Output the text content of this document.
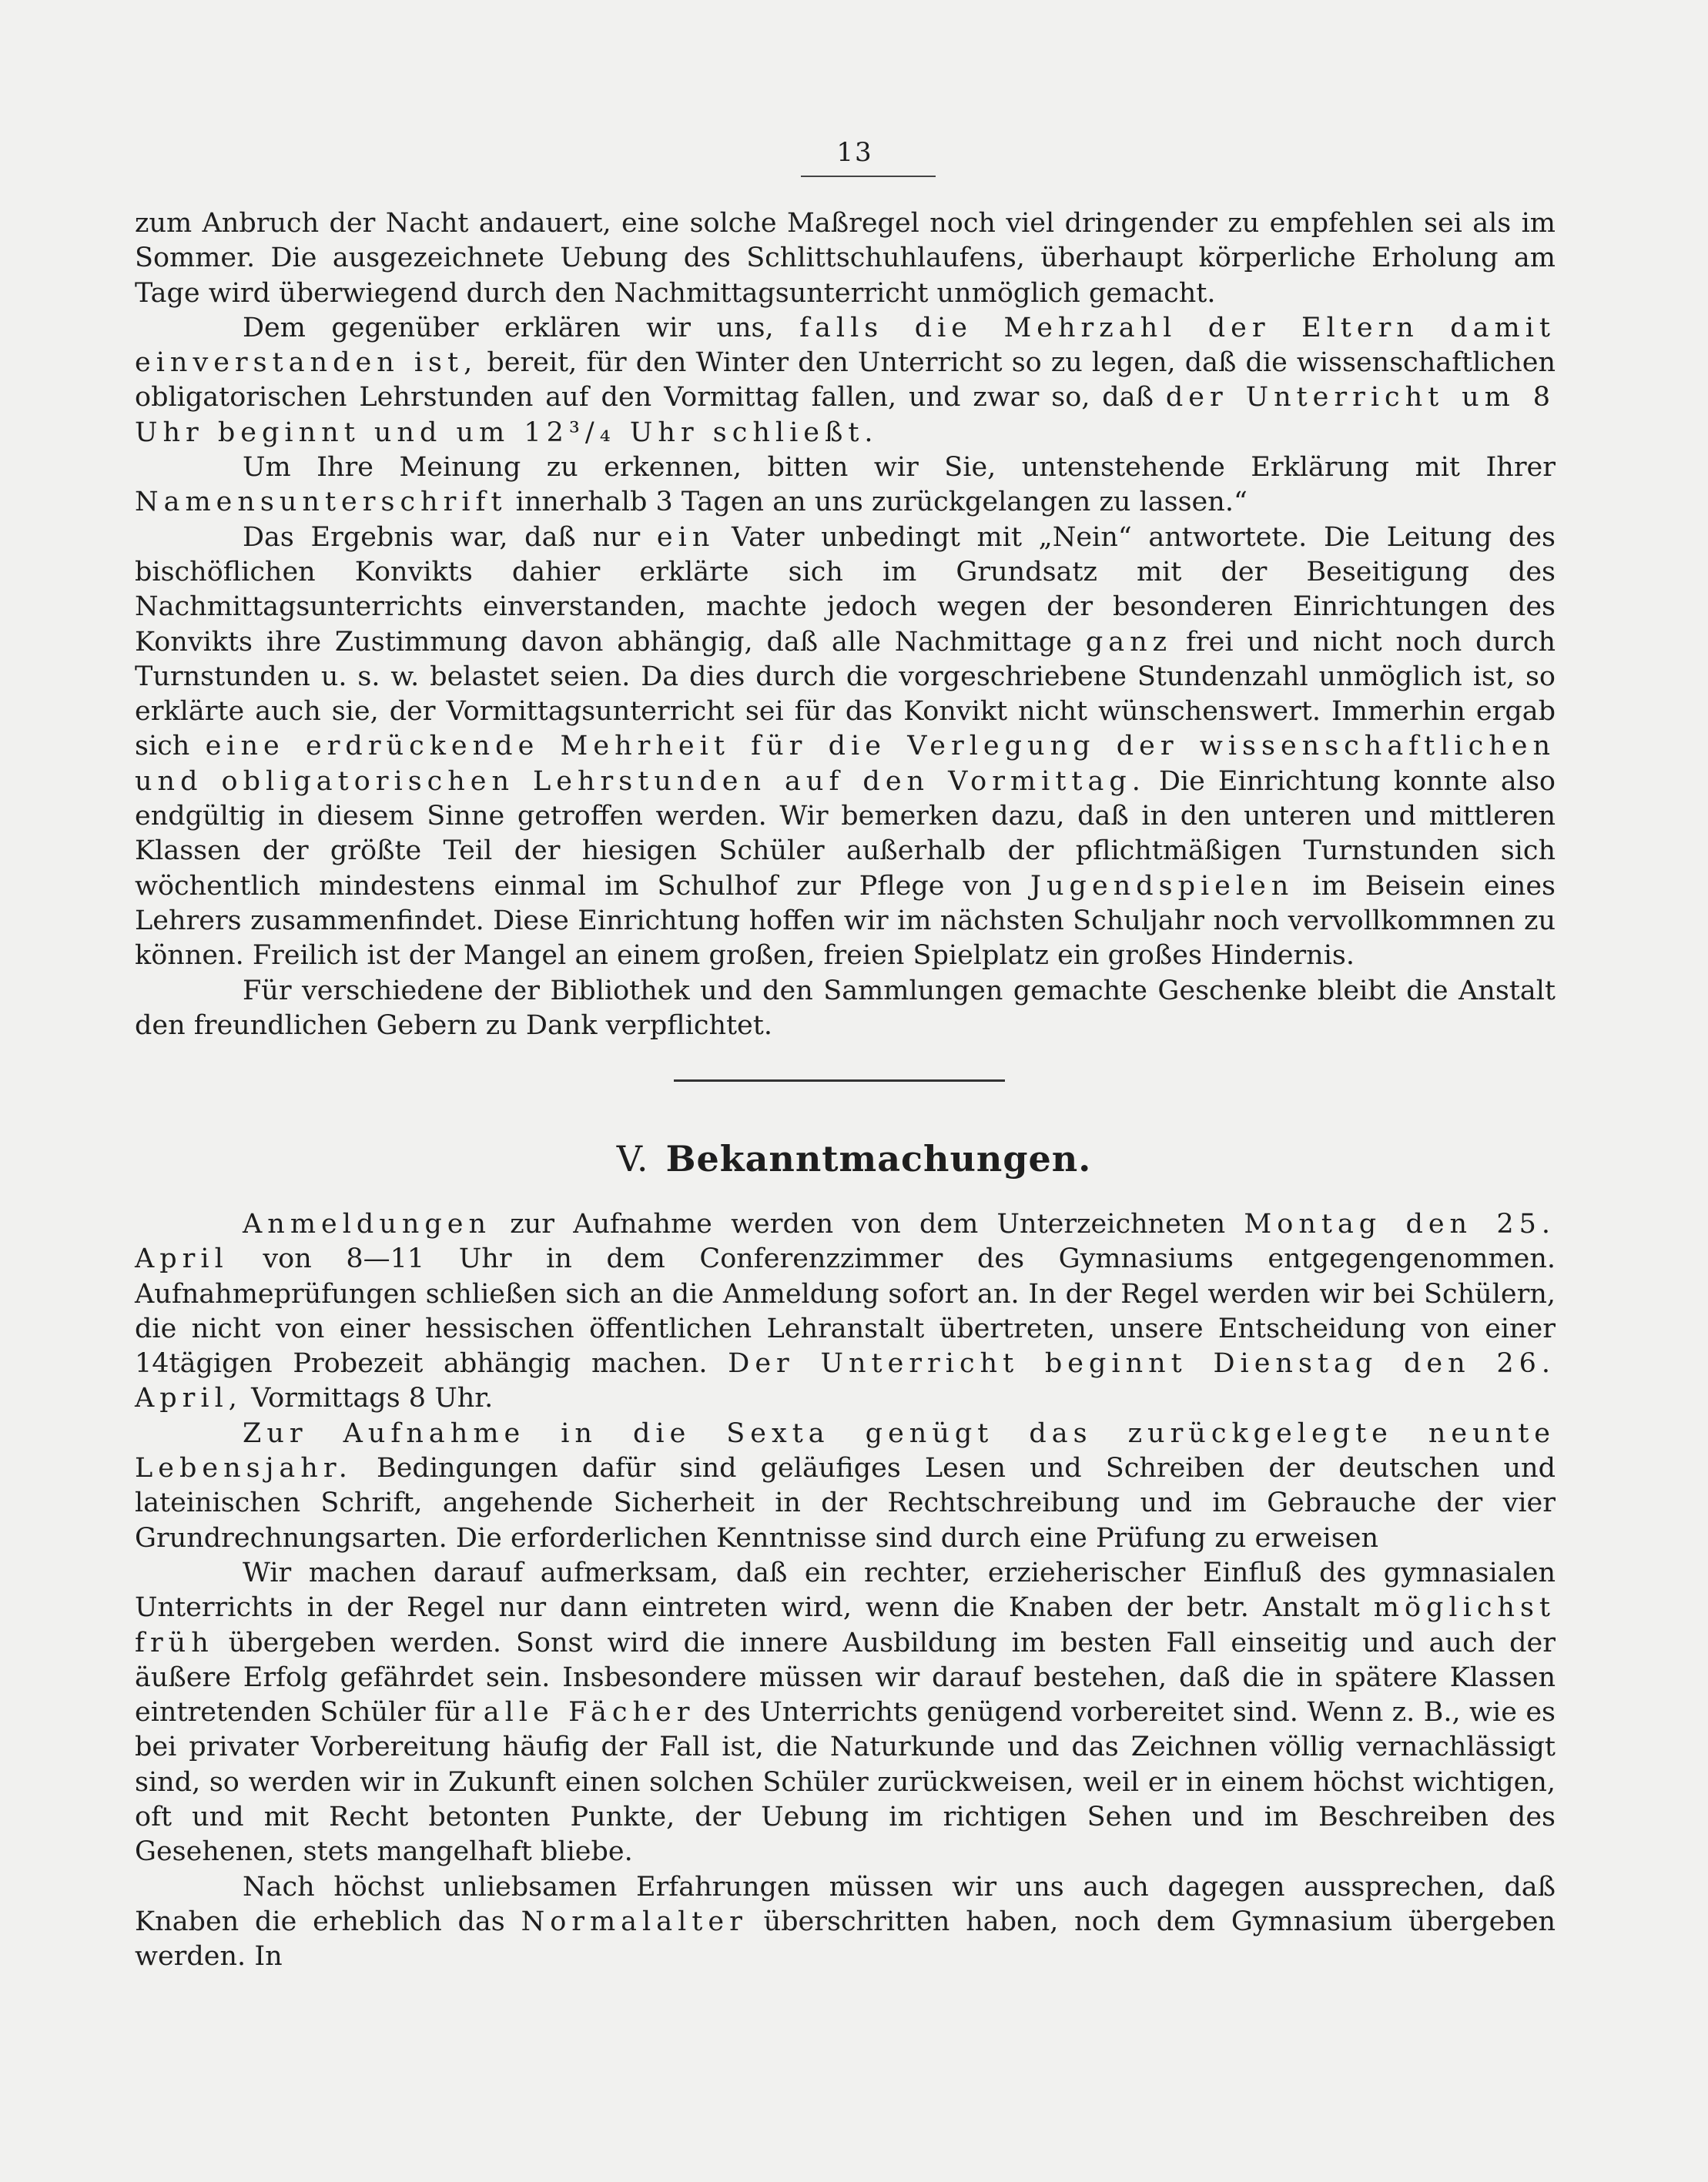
13

zum Anbruch der Nacht andauert, eine solche Maßregel noch viel dringender zu empfehlen sei als im Sommer. Die ausgezeichnete Uebung des Schlittschuhlaufens, überhaupt körperliche Erholung am Tage wird überwiegend durch den Nachmittagsunterricht unmöglich gemacht.

Dem gegenüber erklären wir uns, falls die Mehrzahl der Eltern damit einverstanden ist, bereit, für den Winter den Unterricht so zu legen, daß die wissenschaftlichen obligatorischen Lehrstunden auf den Vormittag fallen, und zwar so, daß der Unterricht um 8 Uhr beginnt und um 12³/₄ Uhr schließt.

Um Ihre Meinung zu erkennen, bitten wir Sie, untenstehende Erklärung mit Ihrer Namensunterschrift innerhalb 3 Tagen an uns zurückgelangen zu lassen.“

Das Ergebnis war, daß nur ein Vater unbedingt mit „Nein“ antwortete. Die Leitung des bischöflichen Konvikts dahier erklärte sich im Grundsatz mit der Beseitigung des Nachmittagsunterrichts einverstanden, machte jedoch wegen der besonderen Einrichtungen des Konvikts ihre Zustimmung davon abhängig, daß alle Nachmittage ganz frei und nicht noch durch Turnstunden u. s. w. belastet seien. Da dies durch die vorgeschriebene Stundenzahl unmöglich ist, so erklärte auch sie, der Vormittagsunterricht sei für das Konvikt nicht wünschenswert. Immerhin ergab sich eine erdrückende Mehrheit für die Verlegung der wissenschaftlichen und obligatorischen Lehrstunden auf den Vormittag. Die Einrichtung konnte also endgültig in diesem Sinne getroffen werden. Wir bemerken dazu, daß in den unteren und mittleren Klassen der größte Teil der hiesigen Schüler außerhalb der pflichtmäßigen Turnstunden sich wöchentlich mindestens einmal im Schulhof zur Pflege von Jugendspielen im Beisein eines Lehrers zusammenfindet. Diese Einrichtung hoffen wir im nächsten Schuljahr noch vervollkommnen zu können. Freilich ist der Mangel an einem großen, freien Spielplatz ein großes Hindernis.

Für verschiedene der Bibliothek und den Sammlungen gemachte Geschenke bleibt die Anstalt den freundlichen Gebern zu Dank verpflichtet.

V. Bekanntmachungen.

Anmeldungen zur Aufnahme werden von dem Unterzeichneten Montag den 25. April von 8—11 Uhr in dem Conferenzzimmer des Gymnasiums entgegengenommen. Aufnahmeprüfungen schließen sich an die Anmeldung sofort an. In der Regel werden wir bei Schülern, die nicht von einer hessischen öffentlichen Lehranstalt übertreten, unsere Entscheidung von einer 14tägigen Probezeit abhängig machen. Der Unterricht beginnt Dienstag den 26. April, Vormittags 8 Uhr.

Zur Aufnahme in die Sexta genügt das zurückgelegte neunte Lebensjahr. Bedingungen dafür sind geläufiges Lesen und Schreiben der deutschen und lateinischen Schrift, angehende Sicherheit in der Rechtschreibung und im Gebrauche der vier Grundrechnungsarten. Die erforderlichen Kenntnisse sind durch eine Prüfung zu erweisen

Wir machen darauf aufmerksam, daß ein rechter, erzieherischer Einfluß des gymnasialen Unterrichts in der Regel nur dann eintreten wird, wenn die Knaben der betr. Anstalt möglichst früh übergeben werden. Sonst wird die innere Ausbildung im besten Fall einseitig und auch der äußere Erfolg gefährdet sein. Insbesondere müssen wir darauf bestehen, daß die in spätere Klassen eintretenden Schüler für alle Fächer des Unterrichts genügend vorbereitet sind. Wenn z. B., wie es bei privater Vorbereitung häufig der Fall ist, die Naturkunde und das Zeichnen völlig vernachlässigt sind, so werden wir in Zukunft einen solchen Schüler zurückweisen, weil er in einem höchst wichtigen, oft und mit Recht betonten Punkte, der Uebung im richtigen Sehen und im Beschreiben des Gesehenen, stets mangelhaft bliebe.

Nach höchst unliebsamen Erfahrungen müssen wir uns auch dagegen aussprechen, daß Knaben die erheblich das Normalalter überschritten haben, noch dem Gymnasium übergeben werden. In
